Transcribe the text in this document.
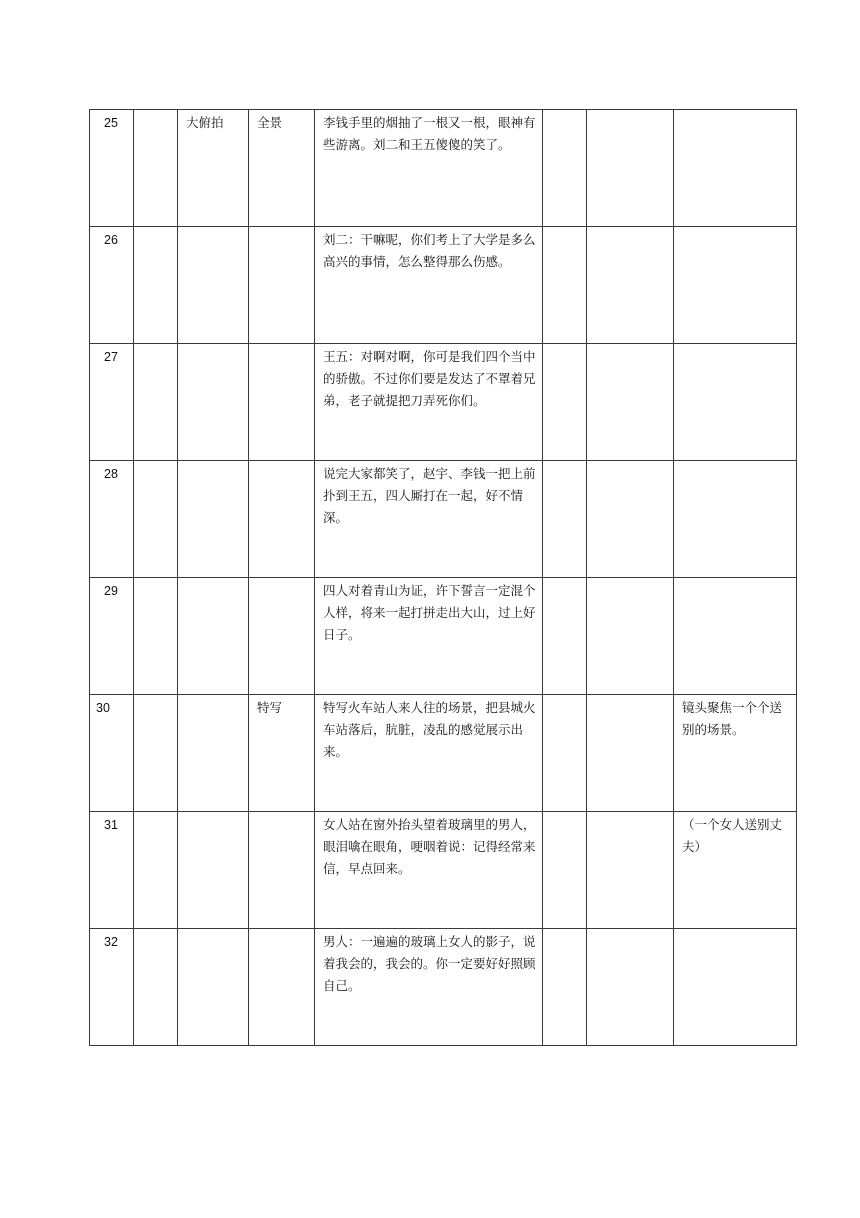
25		大俯拍	全景	李钱手里的烟抽了一根又一根，眼神有些游离。刘二和王五傻傻的笑了。			

26				刘二：干嘛呢，你们考上了大学是多么高兴的事情，怎么整得那么伤感。			

27				王五：对啊对啊，你可是我们四个当中的骄傲。不过你们要是发达了不罩着兄弟，老子就提把刀弄死你们。			

28				说完大家都笑了，赵宇、李钱一把上前扑到王五，四人厮打在一起，好不情深。			

29				四人对着青山为证，许下誓言一定混个人样，将来一起打拼走出大山，过上好日子。			

30			特写	特写火车站人来人往的场景，把县城火车站落后，肮脏，凌乱的感觉展示出来。			镜头聚焦一个个送别的场景。

31				女人站在窗外抬头望着玻璃里的男人，眼泪噙在眼角，哽咽着说：记得经常来信，早点回来。			（一个女人送别丈夫）

32				男人：一遍遍的玻璃上女人的影子，说着我会的，我会的。你一定要好好照顾自己。			
